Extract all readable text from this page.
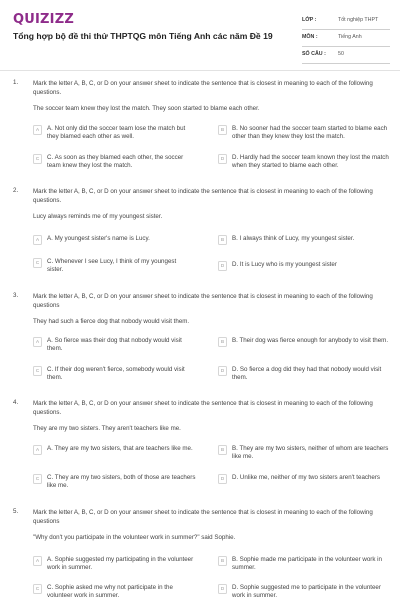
QUIZIZZ
Tổng hợp bộ đề thi thử THPTQG môn Tiếng Anh các năm Đề 19
LỚP :	Tốt nghiệp THPT
MÔN :	Tiếng Anh
SỐ CÂU : 50
1. Mark the letter A, B, C, or D on your answer sheet to indicate the sentence that is closest in meaning to each of the following questions.
The soccer team knew they lost the match. They soon started to blame each other.
A	A. Not only did the soccer team lose the match but they blamed each other as well.
B	B. No sooner had the soccer team started to blame each other than they knew they lost the match.
C	C. As soon as they blamed each other, the soccer team knew they lost the match.
D	D. Hardly had the soccer team known they lost the match when they started to blame each other.
2. Mark the letter A, B, C, or D on your answer sheet to indicate the sentence that is closest in meaning to each of the following questions.
Lucy always reminds me of my youngest sister.
A	A. My youngest sister's name is Lucy.	B	B. I always think of Lucy, my youngest sister.
C	C. Whenever I see Lucy, I think of my youngest sister.
D	D. It is Lucy who is my youngest sister
3. Mark the letter A, B, C, or D on your answer sheet to indicate the sentence that is closest in meaning to each of the following questions
They had such a fierce dog that nobody would visit them.
A	A. So fierce was their dog that nobody would visit them.
B	B. Their dog was fierce enough for anybody to visit them.
C	C. If their dog weren't fierce, somebody would visit them.
D	D. So fierce a dog did they had that nobody would visit them.
4. Mark the letter A, B, C, or D on your answer sheet to indicate the sentence that is closest in meaning to each of the following questions.
They are my two sisters. They aren't teachers like me.
A	A. They are my two sisters, that are teachers like me.	B	B. They are my two sisters, neither of whom are teachers like me.
C	C. They are my two sisters, both of those are teachers like me.
D	D. Unlike me, neither of my two sisters aren't teachers
5. Mark the letter A, B, C, or D on your answer sheet to indicate the sentence that is closest in meaning to each of the following questions
"Why don't you participate in the volunteer work in summer?" said Sophie.
A	A. Sophie suggested my participating in the volunteer work in summer.
B	B. Sophie made me participate in the volunteer work in summer.
C	C. Sophie asked me why not participate in the volunteer work in summer.
D	D. Sophie suggested me to participate in the volunteer work in summer.
